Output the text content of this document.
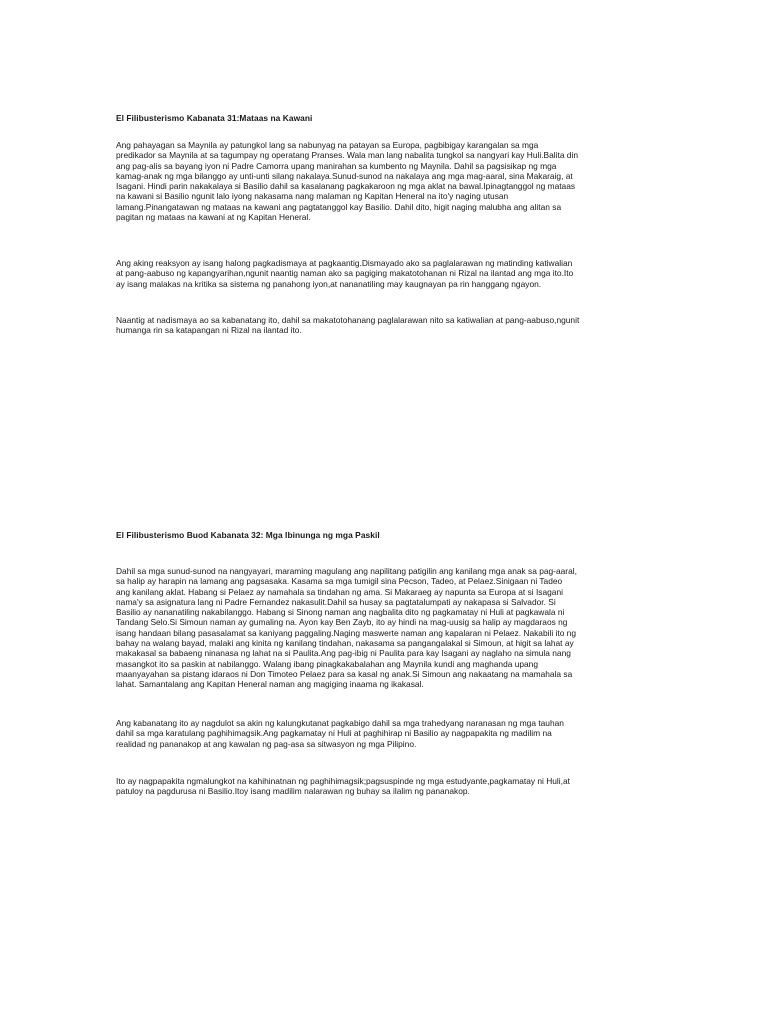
El Filibusterismo Kabanata 31:Mataas na Kawani

Ang pahayagan sa Maynila ay patungkol lang sa nabunyag na patayan sa Europa, pagbibigay karangalan sa mga

predikador sa Maynila at sa tagumpay ng operatang Pranses. Wala man lang nabalita tungkol sa nangyari kay Huli.Balita din

ang pag-alis sa bayang iyon ni Padre Camorra upang manirahan sa kumbento ng Maynila. Dahil sa pagsisikap ng mga

kamag-anak ng mga bilanggo ay unti-unti silang nakalaya.Sunud-sunod na nakalaya ang mga mag-aaral, sina Makaraig, at

Isagani. Hindi parin nakakalaya si Basilio dahil sa kasalanang pagkakaroon ng mga aklat na bawal.Ipinagtanggol ng mataas

na kawani si Basilio ngunit lalo iyong nakasama nang malaman ng Kapitan Heneral na ito'y naging utusan

lamang.Pinangatawan ng mataas na kawani ang pagtatanggol kay Basilio. Dahil dito, higit naging malubha ang alitan sa

pagitan ng mataas na kawani at ng Kapitan Heneral.

Ang aking reaksyon ay isang halong pagkadismaya at pagkaantig.Dismayado ako sa paglalarawan ng matinding katiwalian

at pang-aabuso ng kapangyarihan,ngunit naantig naman ako sa pagiging makatotohanan ni Rizal na ilantad ang mga ito.Ito

ay isang malakas na kritika sa sistema ng panahong iyon,at nananatiling may kaugnayan pa rin hanggang ngayon.

Naantig at nadismaya ao sa kabanatang ito, dahil sa makatotohanang paglalarawan nito sa katiwalian at pang-aabuso,ngunit

humanga rin sa katapangan ni Rizal na ilantad ito.

El Filibusterismo Buod Kabanata 32: Mga Ibinunga ng mga Paskil

Dahil sa mga sunud-sunod na nangyayari, maraming magulang ang napilitang patigilin ang kanilang mga anak sa pag-aaral,

sa halip ay harapin na lamang ang pagsasaka. Kasama sa mga tumigil sina Pecson, Tadeo, at Pelaez.Sinigaan ni Tadeo

ang kanilang aklat. Habang si Pelaez ay namahala sa tindahan ng ama. Si Makaraeg ay napunta sa Europa at si Isagani

nama'y sa asignatura lang ni Padre Fernandez nakasulit.Dahil sa husay sa pagtatalumpati ay nakapasa si Salvador. Si

Basilio ay nananatiling nakabilanggo. Habang si Sinong naman ang nagbalita dito ng pagkamatay ni Huli at pagkawala ni

Tandang Selo.Si Simoun naman ay gumaling na. Ayon kay Ben Zayb, ito ay hindi na mag-uusig sa halip ay magdaraos ng

isang handaan bilang pasasalamat sa kaniyang paggaling.Naging maswerte naman ang kapalaran ni Pelaez. Nakabili ito ng

bahay na walang bayad, malaki ang kinita ng kanilang tindahan, nakasama sa pangangalakal si Simoun, at higit sa lahat ay

makakasal sa babaeng ninanasa ng lahat na si Paulita.Ang pag-ibig ni Paulita para kay Isagani ay naglaho na simula nang

masangkot ito sa paskin at nabilanggo. Walang ibang pinagkakabalahan ang Maynila kundi ang maghanda upang

maanyayahan sa pistang idaraos ni Don Timoteo Pelaez para sa kasal ng anak.Si Simoun ang nakaatang na mamahala sa

lahat. Samantalang ang Kapitan Heneral naman ang magiging inaama ng ikakasal.

Ang kabanatang ito ay nagdulot sa akin ng kalungkutanat pagkabigo dahil sa mga trahedyang naranasan ng mga tauhan

dahil sa mga karatulang paghihimagsik.Ang pagkamatay ni Huli at paghihirap ni Basilio ay nagpapakita ng madilim na

realidad ng pananakop at ang kawalan ng pag-asa sa sitwasyon ng mga Pilipino.

Ito ay nagpapakita ngmalungkot na kahihinatnan ng paghihimagsik;pagsuspinde ng mga estudyante,pagkamatay ni Huli,at

patuloy na pagdurusa ni Basilio.Itoy isang madilim nalarawan ng buhay sa ilalim ng pananakop.
